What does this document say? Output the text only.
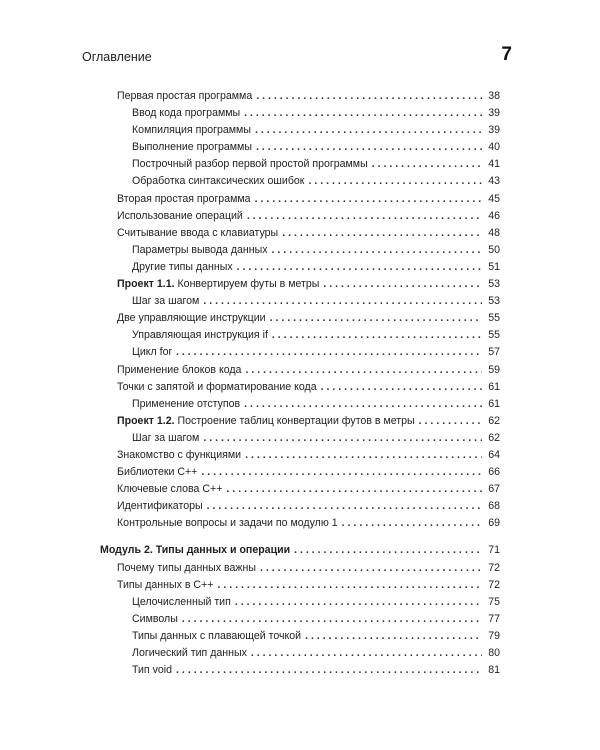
Оглавление	7
Первая простая программа . . .	38
Ввод кода программы . . .	39
Компиляция программы . . .	39
Выполнение программы . . .	40
Построчный разбор первой простой программы . . .	41
Обработка синтаксических ошибок . . .	43
Вторая простая программа . . .	45
Использование операций . . .	46
Считывание ввода с клавиатуры . . .	48
Параметры вывода данных . . .	50
Другие типы данных . . .	51
Проект 1.1. Конвертируем футы в метры . . .	53
Шаг за шагом . . .	53
Две управляющие инструкции . . .	55
Управляющая инструкция if . . .	55
Цикл for . . .	57
Применение блоков кода . . .	59
Точки с запятой и форматирование кода . . .	61
Применение отступов . . .	61
Проект 1.2. Построение таблиц конвертации футов в метры . . .	62
Шаг за шагом . . .	62
Знакомство с функциями . . .	64
Библиотеки C++ . . .	66
Ключевые слова C++ . . .	67
Идентификаторы . . .	68
Контрольные вопросы и задачи по модулю 1 . . .	69
Модуль 2. Типы данных и операции . . .	71
Почему типы данных важны . . .	72
Типы данных в C++ . . .	72
Целочисленный тип . . .	75
Символы . . .	77
Типы данных с плавающей точкой . . .	79
Логический тип данных . . .	80
Тип void . . .	81
